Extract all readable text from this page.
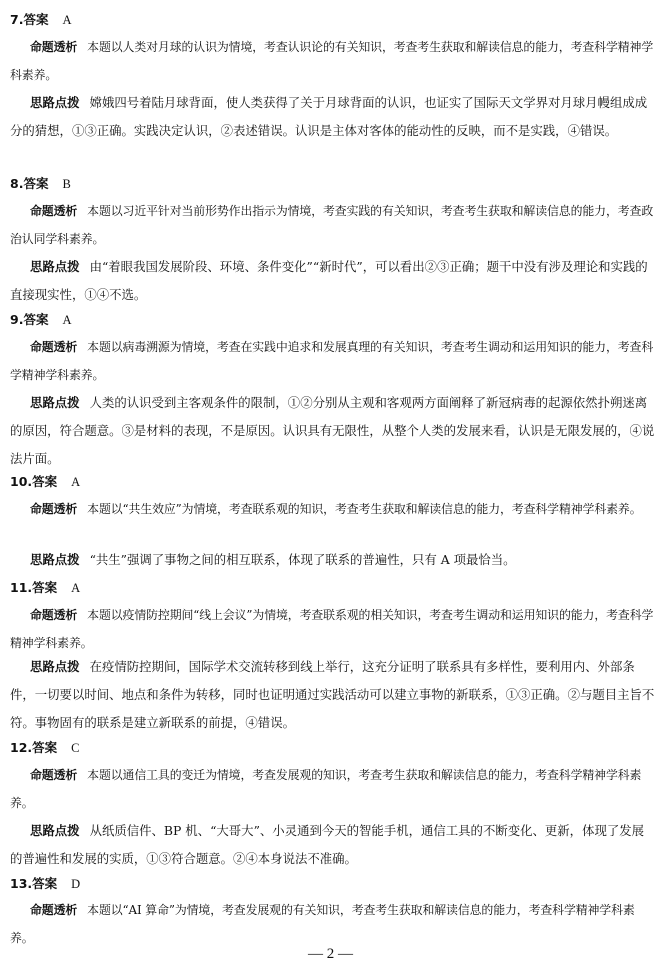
7.答案 A
命题透析 本题以人类对月球的认识为情境，考查认识论的有关知识，考查考生获取和解读信息的能力，考查科学精神学科素养。
思路点拨 嫦娥四号着陆月球背面，使人类获得了关于月球背面的认识，也证实了国际天文学界对月球月幔组成成分的猜想，①③正确。实践决定认识，②表述错误。认识是主体对客体的能动性的反映，而不是实践，④错误。
8.答案 B
命题透析 本题以习近平针对当前形势作出指示为情境，考查实践的有关知识，考查考生获取和解读信息的能力，考查政治认同学科素养。
思路点拨 由“着眼我国发展阶段、环境、条件变化”“新时代”，可以看出②③正确；题干中没有涉及理论和实践的直接现实性，①④不选。
9.答案 A
命题透析 本题以病毒溯源为情境，考查在实践中追求和发展真理的有关知识，考查考生调动和运用知识的能力，考查科学精神学科素养。
思路点拨 人类的认识受到主客观条件的限制，①②分别从主观和客观两方面阐释了新冠病毒的起源依然扑朔迷离的原因，符合题意。③是材料的表现，不是原因。认识具有无限性，从整个人类的发展来看，认识是无限发展的，④说法片面。
10.答案 A
命题透析 本题以“共生效应”为情境，考查联系观的知识，考查考生获取和解读信息的能力，考查科学精神学科素养。
思路点拨 “共生”强调了事物之间的相互联系，体现了联系的普遍性，只有 A 项最恰当。
11.答案 A
命题透析 本题以疫情防控期间“线上会议”为情境，考查联系观的相关知识，考查考生调动和运用知识的能力，考查科学精神学科素养。
思路点拨 在疫情防控期间，国际学术交流转移到线上举行，这充分证明了联系具有多样性，要利用内、外部条件，一切要以时间、地点和条件为转移，同时也证明通过实践活动可以建立事物的新联系，①③正确。②与题目主旨不符。事物固有的联系是建立新联系的前提，④错误。
12.答案 C
命题透析 本题以通信工具的变迁为情境，考查发展观的知识，考查考生获取和解读信息的能力，考查科学精神学科素养。
思路点拨 从纸质信件、BP 机、“大哥大”、小灵通到今天的智能手机，通信工具的不断变化、更新，体现了发展的普遍性和发展的实质，①③符合题意。②④本身说法不准确。
13.答案 D
命题透析 本题以“AI 算命”为情境，考查发展观的有关知识，考查考生获取和解读信息的能力，考查科学精神学科素养。
— 2 —
